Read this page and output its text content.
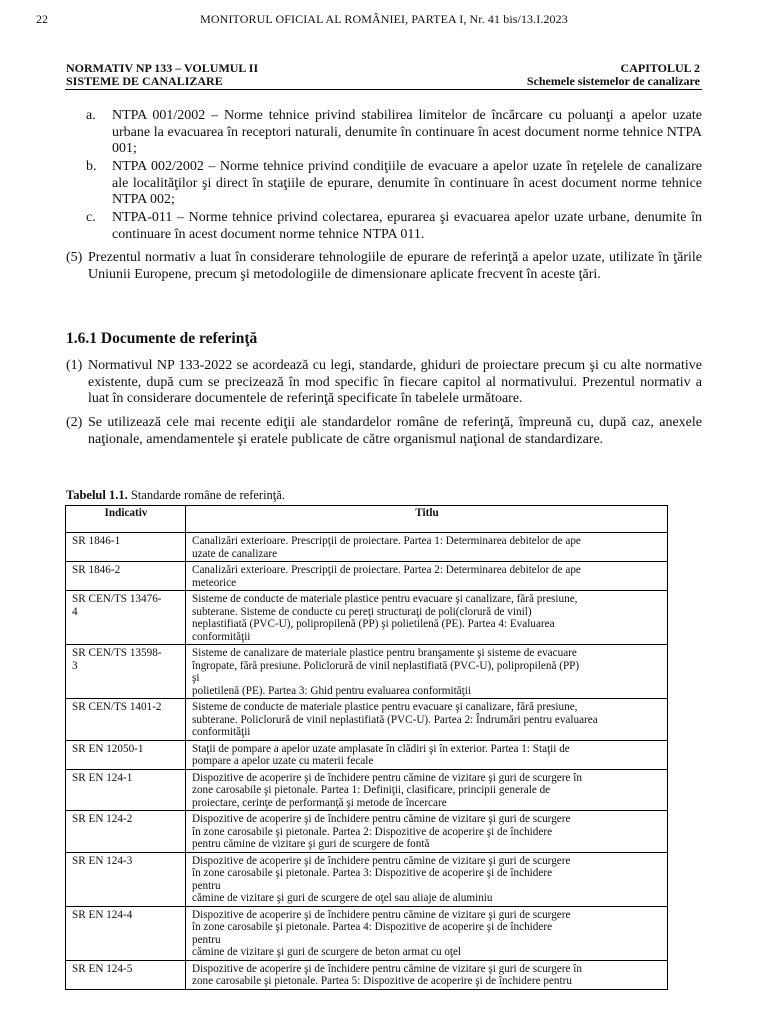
22	MONITORUL OFICIAL AL ROMÂNIEI, PARTEA I, Nr. 41 bis/13.I.2023
NORMATIV NP 133 – VOLUMUL II
SISTEME DE CANALIZARE
CAPITOLUL 2
Schemele sistemelor de canalizare
a. NTPA 001/2002 – Norme tehnice privind stabilirea limitelor de încărcare cu poluanţi a apelor uzate urbane la evacuarea în receptori naturali, denumite în continuare în acest document norme tehnice NTPA 001;
b. NTPA 002/2002 – Norme tehnice privind condiţiile de evacuare a apelor uzate în reţelele de canalizare ale localităţilor şi direct în staţiile de epurare, denumite în continuare în acest document norme tehnice NTPA 002;
c. NTPA-011 – Norme tehnice privind colectarea, epurarea şi evacuarea apelor uzate urbane, denumite în continuare în acest document norme tehnice NTPA 011.
(5) Prezentul normativ a luat în considerare tehnologiile de epurare de referinţă a apelor uzate, utilizate în ţările Uniunii Europene, precum şi metodologiile de dimensionare aplicate frecvent în aceste ţări.
1.6.1 Documente de referinţă
(1) Normativul NP 133-2022 se acordează cu legi, standarde, ghiduri de proiectare precum şi cu alte normative existente, după cum se precizează în mod specific în fiecare capitol al normativului. Prezentul normativ a luat în considerare documentele de referinţă specificate în tabelele următoare.
(2) Se utilizează cele mai recente ediţii ale standardelor române de referinţă, împreună cu, după caz, anexele naţionale, amendamentele şi eratele publicate de către organismul naţional de standardizare.
Tabelul 1.1. Standarde române de referinţă.
Indicativ	Titlu

SR 1846-1	Canalizări exterioare. Prescripţii de proiectare. Partea 1: Determinarea debitelor de ape
uzate de canalizare

SR 1846-2	Canalizări exterioare. Prescripţii de proiectare. Partea 2: Determinarea debitelor de ape
meteorice

SR CEN/TS 13476-
4	Sisteme de conducte de materiale plastice pentru evacuare şi canalizare, fără presiune,
subterane. Sisteme de conducte cu pereţi structuraţi de poli(clorură de vinil)
neplastifiată (PVC-U), polipropilenă (PP) şi polietilenă (PE). Partea 4: Evaluarea
conformităţii

SR CEN/TS 13598-
3	Sisteme de canalizare de materiale plastice pentru branşamente şi sisteme de evacuare
îngropate, fără presiune. Policlorură de vinil neplastifiată (PVC-U), polipropilenă (PP)
şi
polietilenă (PE). Partea 3: Ghid pentru evaluarea conformităţii

SR CEN/TS 1401-2	Sisteme de conducte de materiale plastice pentru evacuare şi canalizare, fără presiune,
subterane. Policlorură de vinil neplastifiată (PVC-U). Partea 2: Îndrumări pentru evaluarea
conformităţii

SR EN 12050-1	Staţii de pompare a apelor uzate amplasate în clădiri şi în exterior. Partea 1: Staţii de
pompare a apelor uzate cu materii fecale

SR EN 124-1	Dispozitive de acoperire şi de închidere pentru cămine de vizitare şi guri de scurgere în
zone carosabile şi pietonale. Partea 1: Definiţii, clasificare, principii generale de
proiectare, cerinţe de performanţă şi metode de încercare

SR EN 124-2	Dispozitive de acoperire şi de închidere pentru cămine de vizitare şi guri de scurgere
în zone carosabile şi pietonale. Partea 2: Dispozitive de acoperire şi de închidere
pentru cămine de vizitare şi guri de scurgere de fontă

SR EN 124-3	Dispozitive de acoperire şi de închidere pentru cămine de vizitare şi guri de scurgere
în zone carosabile şi pietonale. Partea 3: Dispozitive de acoperire şi de închidere
pentru
cămine de vizitare şi guri de scurgere de oţel sau aliaje de aluminiu

SR EN 124-4	Dispozitive de acoperire şi de închidere pentru cămine de vizitare şi guri de scurgere
în zone carosabile şi pietonale. Partea 4: Dispozitive de acoperire şi de închidere
pentru
cămine de vizitare şi guri de scurgere de beton armat cu oţel

SR EN 124-5	Dispozitive de acoperire şi de închidere pentru cămine de vizitare şi guri de scurgere în
zone carosabile şi pietonale. Partea 5: Dispozitive de acoperire şi de închidere pentru
